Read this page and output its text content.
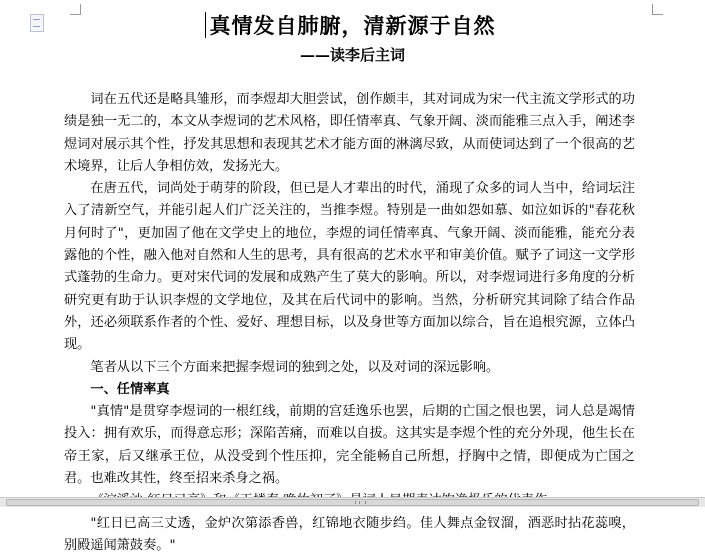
真情发自肺腑，清新源于自然
——读李后主词

词在五代还是略具雏形，而李煜却大胆尝试，创作颇丰，其对词成为宋一代主流文学形式的功绩是独一无二的，本文从李煜词的艺术风格，即任情率真、气象开阔、淡而能雅三点入手，阐述李煜词对展示其个性，抒发其思想和表现其艺术才能方面的淋漓尽致，从而使词达到了一个很高的艺术境界，让后人争相仿效，发扬光大。

在唐五代，词尚处于萌芽的阶段，但已是人才辈出的时代，涌现了众多的词人当中，给词坛注入了清新空气，并能引起人们广泛关注的，当推李煜。特别是一曲如怨如慕、如泣如诉的"春花秋月何时了"，更加固了他在文学史上的地位，李煜的词任情率真、气象开阔、淡而能雅，能充分表露他的个性，融入他对自然和人生的思考，具有很高的艺术水平和审美价值。赋予了词这一文学形式蓬勃的生命力。更对宋代词的发展和成熟产生了莫大的影响。所以，对李煜词进行多角度的分析研究更有助于认识李煜的文学地位，及其在后代词中的影响。当然，分析研究其词除了结合作品外，还必须联系作者的个性、爱好、理想目标，以及身世等方面加以综合，旨在追根究源，立体凸现。

笔者从以下三个方面来把握李煜词的独到之处，以及对词的深远影响。

一、任情率真

"真情"是贯穿李煜词的一根红线，前期的宫廷逸乐也罢，后期的亡国之恨也罢，词人总是竭情投入：拥有欢乐，而得意忘形；深陷苦痛，而难以自拔。这其实是李煜个性的充分外现，他生长在帝王家，后又继承王位，从没受到个性压抑，完全能畅自己所想，抒胸中之情，即便成为亡国之君。也难改其性，终至招来杀身之祸。

"红日已高三丈透，金炉次第添香兽，红锦地衣随步绉。佳人舞点金钗溜，酒恶时拈花蕊嗅，别殿遥闻箫鼓奏。"
